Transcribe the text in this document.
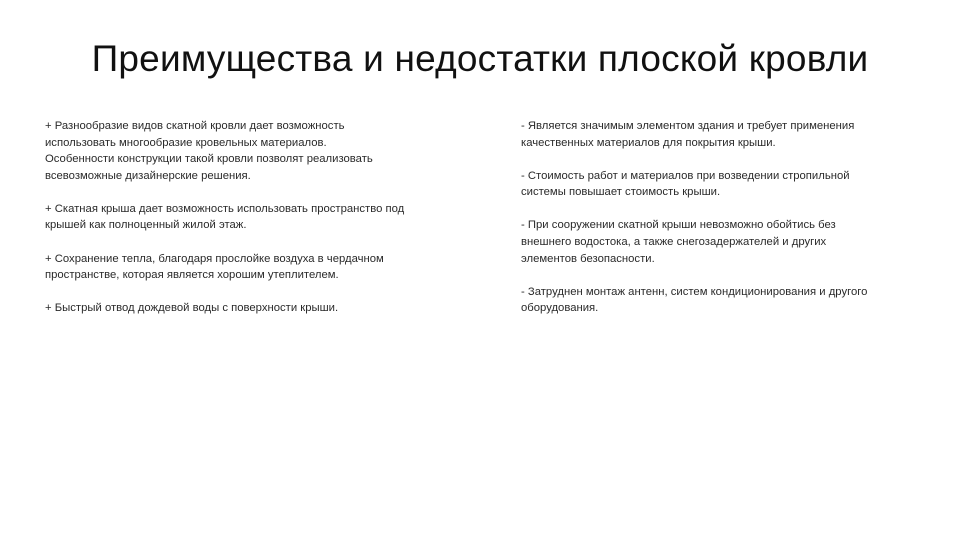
Преимущества и недостатки плоской кровли

+ Разнообразие видов скатной кровли дает возможность
использовать многообразие кровельных материалов.
Особенности конструкции такой кровли позволят реализовать
всевозможные дизайнерские решения.

+ Скатная крыша дает возможность использовать пространство под
крышей как полноценный жилой этаж.

+ Сохранение тепла, благодаря прослойке воздуха в чердачном
пространстве, которая является хорошим утеплителем.

+ Быстрый отвод дождевой воды с поверхности крыши.

- Является значимым элементом здания и требует применения
качественных материалов для покрытия крыши.

- Стоимость работ и материалов при возведении стропильной
системы повышает стоимость крыши.

- При сооружении скатной крыши невозможно обойтись без
внешнего водостока, а также снегозадержателей и других
элементов безопасности.

- Затруднен монтаж антенн, систем кондиционирования и другого
оборудования.
